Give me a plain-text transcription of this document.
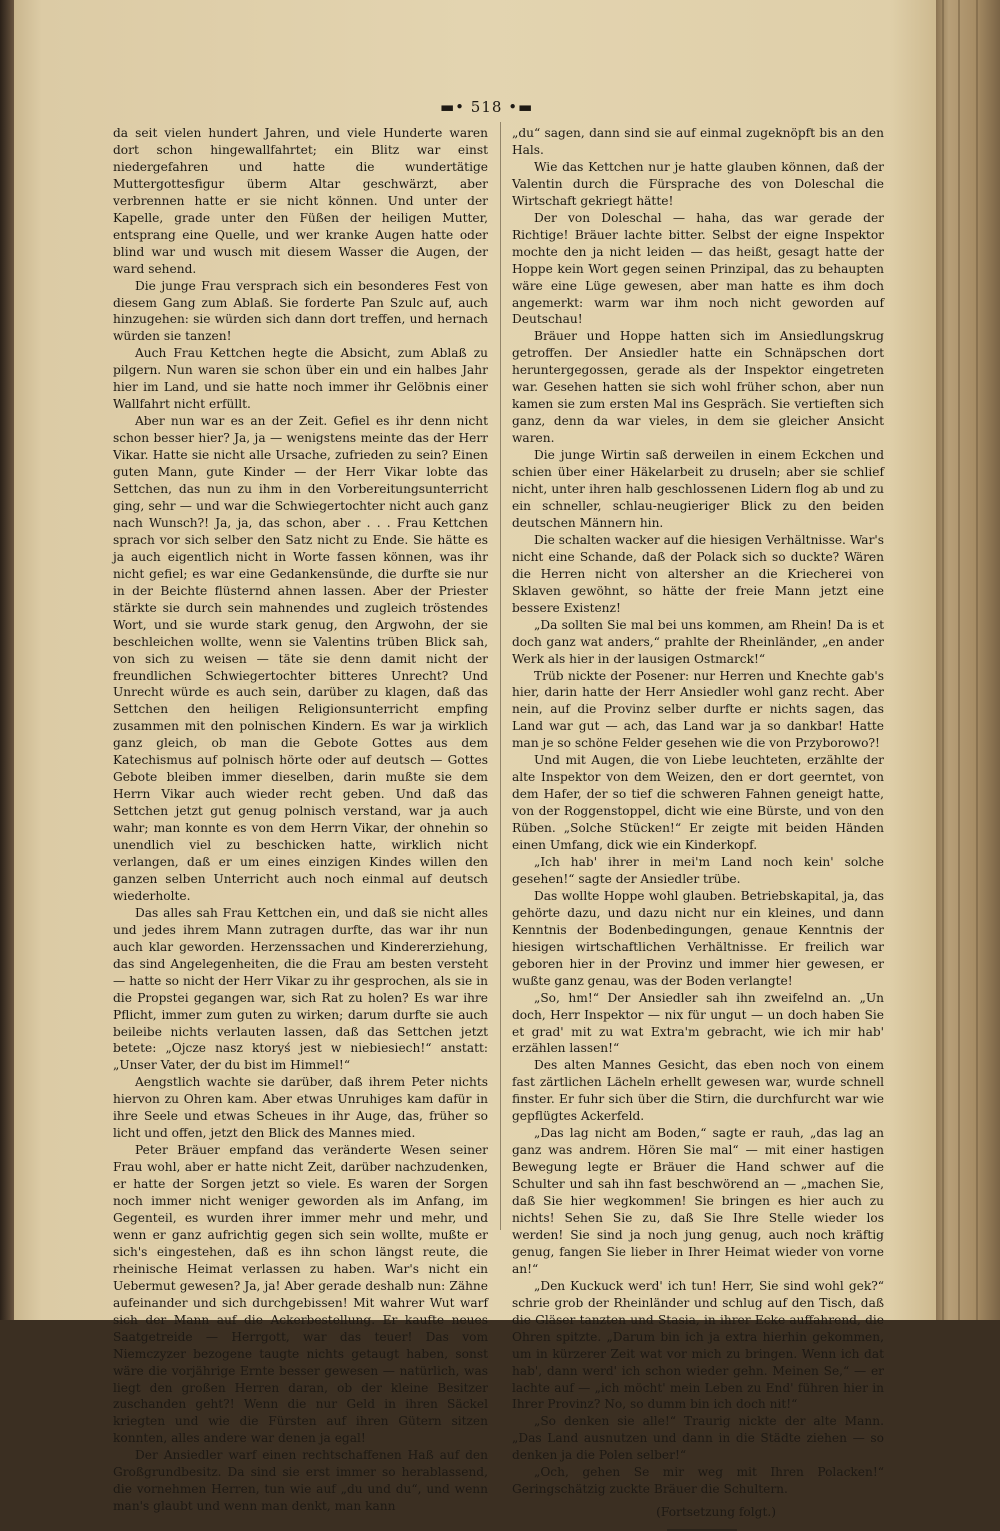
▬• 518 •▬

da seit vielen hundert Jahren, und viele Hunderte waren dort schon hingewallfahrtet; ein Blitz war einst niedergefahren und hatte die wundertätige Muttergottesfigur überm Altar geschwärzt, aber verbrennen hatte er sie nicht können. Und unter der Kapelle, grade unter den Füßen der heiligen Mutter, entsprang eine Quelle, und wer kranke Augen hatte oder blind war und wusch mit diesem Wasser die Augen, der ward sehend.

Die junge Frau versprach sich ein besonderes Fest von diesem Gang zum Ablaß. Sie forderte Pan Szulc auf, auch hinzugehen: sie würden sich dann dort treffen, und hernach würden sie tanzen!

Auch Frau Kettchen hegte die Absicht, zum Ablaß zu pilgern. Nun waren sie schon über ein und ein halbes Jahr hier im Land, und sie hatte noch immer ihr Gelöbnis einer Wallfahrt nicht erfüllt.

Aber nun war es an der Zeit. Gefiel es ihr denn nicht schon besser hier? Ja, ja — wenigstens meinte das der Herr Vikar. Hatte sie nicht alle Ursache, zufrieden zu sein? Einen guten Mann, gute Kinder — der Herr Vikar lobte das Settchen, das nun zu ihm in den Vorbereitungsunterricht ging, sehr — und war die Schwiegertochter nicht auch ganz nach Wunsch?! Ja, ja, das schon, aber . . . Frau Kettchen sprach vor sich selber den Satz nicht zu Ende. Sie hätte es ja auch eigentlich nicht in Worte fassen können, was ihr nicht gefiel; es war eine Gedankensünde, die durfte sie nur in der Beichte flüsternd ahnen lassen. Aber der Priester stärkte sie durch sein mahnendes und zugleich tröstendes Wort, und sie wurde stark genug, den Argwohn, der sie beschleichen wollte, wenn sie Valentins trüben Blick sah, von sich zu weisen — täte sie denn damit nicht der freundlichen Schwiegertochter bitteres Unrecht? Und Unrecht würde es auch sein, darüber zu klagen, daß das Settchen den heiligen Religionsunterricht empfing zusammen mit den polnischen Kindern. Es war ja wirklich ganz gleich, ob man die Gebote Gottes aus dem Katechismus auf polnisch hörte oder auf deutsch — Gottes Gebote bleiben immer dieselben, darin mußte sie dem Herrn Vikar auch wieder recht geben. Und daß das Settchen jetzt gut genug polnisch verstand, war ja auch wahr; man konnte es von dem Herrn Vikar, der ohnehin so unendlich viel zu beschicken hatte, wirklich nicht verlangen, daß er um eines einzigen Kindes willen den ganzen selben Unterricht auch noch einmal auf deutsch wiederholte.

Das alles sah Frau Kettchen ein, und daß sie nicht alles und jedes ihrem Mann zutragen durfte, das war ihr nun auch klar geworden. Herzenssachen und Kindererziehung, das sind Angelegenheiten, die die Frau am besten versteht — hatte so nicht der Herr Vikar zu ihr gesprochen, als sie in die Propstei gegangen war, sich Rat zu holen? Es war ihre Pflicht, immer zum guten zu wirken; darum durfte sie auch beileibe nichts verlauten lassen, daß das Settchen jetzt betete: „Ojcze nasz ktoryś jest w niebiesiech!“ anstatt: „Unser Vater, der du bist im Himmel!“

Aengstlich wachte sie darüber, daß ihrem Peter nichts hiervon zu Ohren kam. Aber etwas Unruhiges kam dafür in ihre Seele und etwas Scheues in ihr Auge, das, früher so licht und offen, jetzt den Blick des Mannes mied.

Peter Bräuer empfand das veränderte Wesen seiner Frau wohl, aber er hatte nicht Zeit, darüber nachzudenken, er hatte der Sorgen jetzt so viele. Es waren der Sorgen noch immer nicht weniger geworden als im Anfang, im Gegenteil, es wurden ihrer immer mehr und mehr, und wenn er ganz aufrichtig gegen sich sein wollte, mußte er sich's eingestehen, daß es ihn schon längst reute, die rheinische Heimat verlassen zu haben. War's nicht ein Uebermut gewesen? Ja, ja! Aber gerade deshalb nun: Zähne aufeinander und sich durchgebissen! Mit wahrer Wut warf sich der Mann auf die Ackerbestellung. Er kaufte neues Saatgetreide — Herrgott, war das teuer! Das vom Niemczyzer bezogene taugte nichts getaugt haben, sonst wäre die vorjährige Ernte besser gewesen — natürlich, was liegt den großen Herren daran, ob der kleine Besitzer zuschanden geht?! Wenn die nur Geld in ihren Säckel kriegten und wie die Fürsten auf ihren Gütern sitzen konnten, alles andere war denen ja egal!

Der Ansiedler warf einen rechtschaffenen Haß auf den Großgrundbesitz. Da sind sie erst immer so herablassend, die vornehmen Herren, tun wie auf „du und du“, und wenn man's glaubt und wenn man denkt, man kann

„du“ sagen, dann sind sie auf einmal zugeknöpft bis an den Hals.

Wie das Kettchen nur je hatte glauben können, daß der Valentin durch die Fürsprache des von Doleschal die Wirtschaft gekriegt hätte!

Der von Doleschal — haha, das war gerade der Richtige! Bräuer lachte bitter. Selbst der eigne Inspektor mochte den ja nicht leiden — das heißt, gesagt hatte der Hoppe kein Wort gegen seinen Prinzipal, das zu behaupten wäre eine Lüge gewesen, aber man hatte es ihm doch angemerkt: warm war ihm noch nicht geworden auf Deutschau!

Bräuer und Hoppe hatten sich im Ansiedlungskrug getroffen. Der Ansiedler hatte ein Schnäpschen dort heruntergegossen, gerade als der Inspektor eingetreten war. Gesehen hatten sie sich wohl früher schon, aber nun kamen sie zum ersten Mal ins Gespräch. Sie vertieften sich ganz, denn da war vieles, in dem sie gleicher Ansicht waren.

Die junge Wirtin saß derweilen in einem Eckchen und schien über einer Häkelarbeit zu druseln; aber sie schlief nicht, unter ihren halb geschlossenen Lidern flog ab und zu ein schneller, schlau-neugieriger Blick zu den beiden deutschen Männern hin.

Die schalten wacker auf die hiesigen Verhältnisse. War's nicht eine Schande, daß der Polack sich so duckte? Wären die Herren nicht von altersher an die Kriecherei von Sklaven gewöhnt, so hätte der freie Mann jetzt eine bessere Existenz!

„Da sollten Sie mal bei uns kommen, am Rhein! Da is et doch ganz wat anders,“ prahlte der Rheinländer, „en ander Werk als hier in der lausigen Ostmarck!“

Trüb nickte der Posener: nur Herren und Knechte gab's hier, darin hatte der Herr Ansiedler wohl ganz recht. Aber nein, auf die Provinz selber durfte er nichts sagen, das Land war gut — ach, das Land war ja so dankbar! Hatte man je so schöne Felder gesehen wie die von Przyborowo?!

Und mit Augen, die von Liebe leuchteten, erzählte der alte Inspektor von dem Weizen, den er dort geerntet, von dem Hafer, der so tief die schweren Fahnen geneigt hatte, von der Roggenstoppel, dicht wie eine Bürste, und von den Rüben. „Solche Stücken!“ Er zeigte mit beiden Händen einen Umfang, dick wie ein Kinderkopf.

„Ich hab' ihrer in mei'm Land noch kein' solche gesehen!“ sagte der Ansiedler trübe.

Das wollte Hoppe wohl glauben. Betriebskapital, ja, das gehörte dazu, und dazu nicht nur ein kleines, und dann Kenntnis der Bodenbedingungen, genaue Kenntnis der hiesigen wirtschaftlichen Verhältnisse. Er freilich war geboren hier in der Provinz und immer hier gewesen, er wußte ganz genau, was der Boden verlangte!

„So, hm!“ Der Ansiedler sah ihn zweifelnd an. „Un doch, Herr Inspektor — nix für ungut — un doch haben Sie et grad' mit zu wat Extra'm gebracht, wie ich mir hab' erzählen lassen!“

Des alten Mannes Gesicht, das eben noch von einem fast zärtlichen Lächeln erhellt gewesen war, wurde schnell finster. Er fuhr sich über die Stirn, die durchfurcht war wie gepflügtes Ackerfeld.

„Das lag nicht am Boden,“ sagte er rauh, „das lag an ganz was andrem. Hören Sie mal“ — mit einer hastigen Bewegung legte er Bräuer die Hand schwer auf die Schulter und sah ihn fast beschwörend an — „machen Sie, daß Sie hier wegkommen! Sie bringen es hier auch zu nichts! Sehen Sie zu, daß Sie Ihre Stelle wieder los werden! Sie sind ja noch jung genug, auch noch kräftig genug, fangen Sie lieber in Ihrer Heimat wieder von vorne an!“

„Den Kuckuck werd' ich tun! Herr, Sie sind wohl gek?“ schrie grob der Rheinländer und schlug auf den Tisch, daß die Gläser tanzten und Stasia, in ihrer Ecke auffahrend, die Ohren spitzte. „Darum bin ich ja extra hierhin gekommen, um in kürzerer Zeit wat vor mich zu bringen. Wenn ich dat hab', dann werd' ich schon wieder gehn. Meinen Se,“ — er lachte auf — „ich möcht' mein Leben zu End' führen hier in Ihrer Provinz? No, so dumm bin ich doch nit!“

„So denken sie alle!“ Traurig nickte der alte Mann. „Das Land ausnutzen und dann in die Städte ziehen — so denken ja die Polen selber!“

„Och, gehen Se mir weg mit Ihren Polacken!“ Geringschätzig zuckte Bräuer die Schultern.

(Fortsetzung folgt.)
